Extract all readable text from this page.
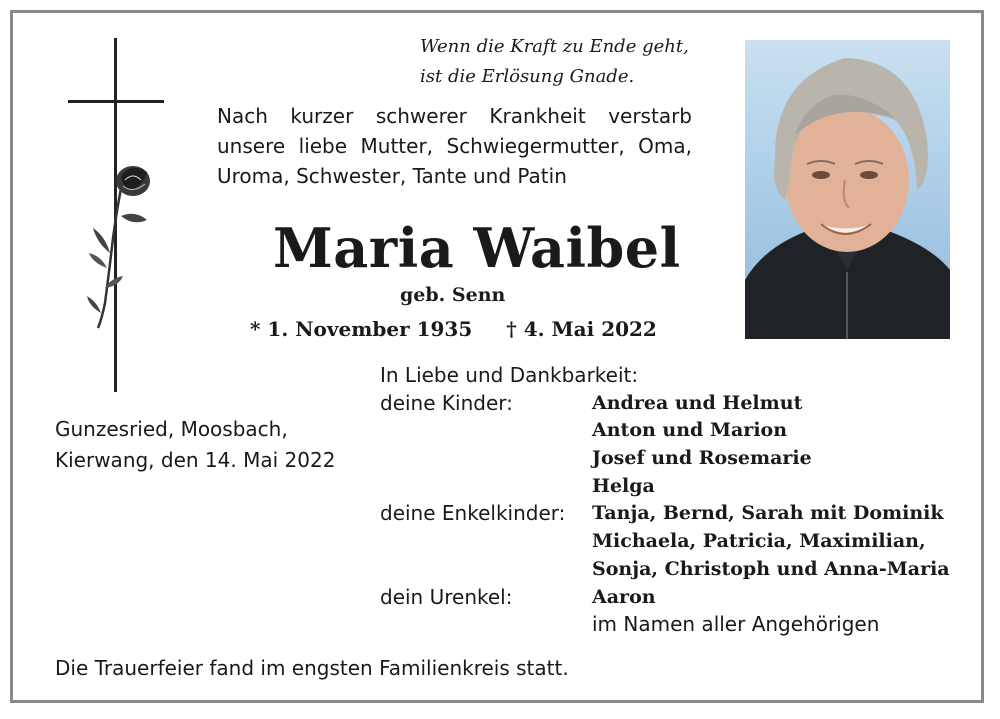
Wenn die Kraft zu Ende geht,
ist die Erlösung Gnade.
Nach kurzer schwerer Krankheit verstarb
unsere liebe Mutter, Schwiegermutter, Oma,
Uroma, Schwester, Tante und Patin
Maria Waibel
geb. Senn
* 1. November 1935 † 4. Mai 2022
Gunzesried, Moosbach,
Kierwang, den 14. Mai 2022
In Liebe und Dankbarkeit:
deine Kinder:	Andrea und Helmut
Anton und Marion
Josef und Rosemarie
Helga
deine Enkelkinder: Tanja, Bernd, Sarah mit Dominik
Michaela, Patricia, Maximilian,
Sonja, Christoph und Anna-Maria
dein Urenkel:	Aaron
im Namen aller Angehörigen
Die Trauerfeier fand im engsten Familienkreis statt.
